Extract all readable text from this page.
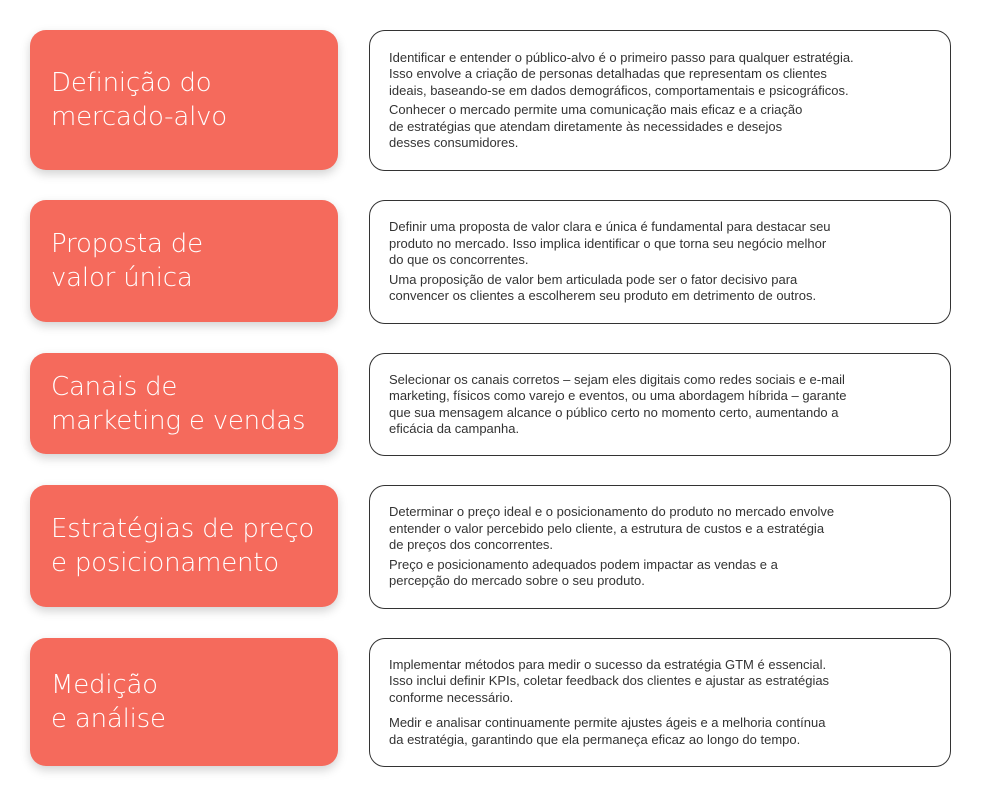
Definição do
mercado-alvo

Identificar e entender o público-alvo é o primeiro passo para qualquer estratégia.
Isso envolve a criação de personas detalhadas que representam os clientes
ideais, baseando-se em dados demográficos, comportamentais e psicográficos.

Conhecer o mercado permite uma comunicação mais eficaz e a criação
de estratégias que atendam diretamente às necessidades e desejos
desses consumidores.

Proposta de
valor única

Definir uma proposta de valor clara e única é fundamental para destacar seu
produto no mercado. Isso implica identificar o que torna seu negócio melhor
do que os concorrentes.

Uma proposição de valor bem articulada pode ser o fator decisivo para
convencer os clientes a escolherem seu produto em detrimento de outros.

Canais de
marketing e vendas

Selecionar os canais corretos – sejam eles digitais como redes sociais e e-mail
marketing, físicos como varejo e eventos, ou uma abordagem híbrida – garante
que sua mensagem alcance o público certo no momento certo, aumentando a
eficácia da campanha.

Estratégias de preço
e posicionamento

Determinar o preço ideal e o posicionamento do produto no mercado envolve
entender o valor percebido pelo cliente, a estrutura de custos e a estratégia
de preços dos concorrentes.

Preço e posicionamento adequados podem impactar as vendas e a
percepção do mercado sobre o seu produto.

Medição
e análise

Implementar métodos para medir o sucesso da estratégia GTM é essencial.
Isso inclui definir KPIs, coletar feedback dos clientes e ajustar as estratégias
conforme necessário.

Medir e analisar continuamente permite ajustes ágeis e a melhoria contínua
da estratégia, garantindo que ela permaneça eficaz ao longo do tempo.
